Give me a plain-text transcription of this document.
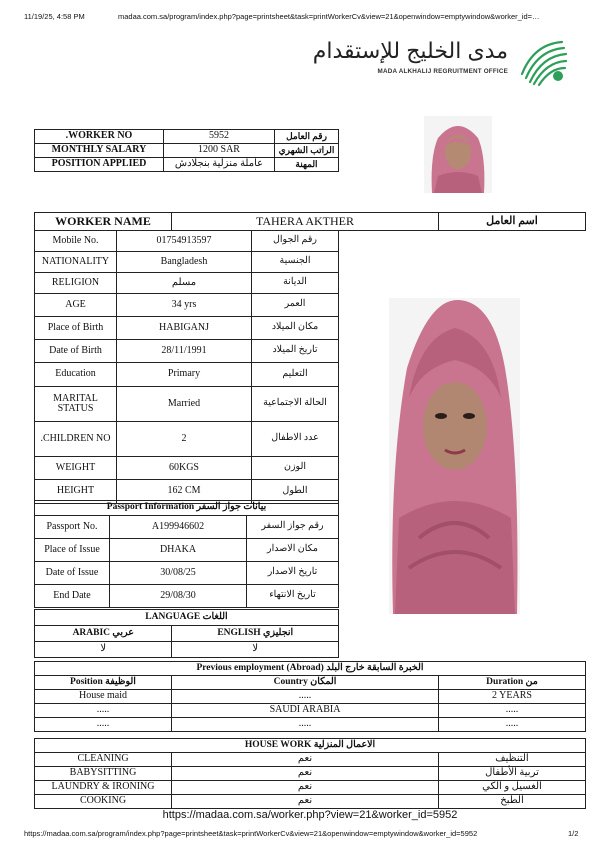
11/19/25, 4:58 PM	madaa.com.sa/program/index.php?page=printsheet&task=printWorkerCv&view=21&openwindow=emptywindow&worker_id=…
مدى الخليج للإستقدام
MADA ALKHALIJ REGRUITMENT OFFICE
.WORKER NO	5952	رقم العامل
MONTHLY SALARY	1200 SAR	الراتب الشهري
POSITION APPLIED	عاملة منزلية بنجلادش	المهنة
WORKER NAME	TAHERA AKTHER	اسم العامل
Mobile No.	01754913597	رقم الجوال
NATIONALITY	Bangladesh	الجنسية
RELIGION	مسلم	الديانة
AGE	34 yrs	العمر
Place of Birth	HABIGANJ	مكان الميلاد
Date of Birth	28/11/1991	تاريخ الميلاد
Education	Primary	التعليم
MARITAL STATUS	Married	الحالة الاجتماعية
.CHILDREN NO	2	عدد الاطفال
WEIGHT	60KGS	الوزن
HEIGHT	162 CM	الطول
بيانات جواز السفر Passport Information		
Passport No.	A199946602	رقم جواز السفر
Place of Issue	DHAKA	مكان الاصدار
Date of Issue	30/08/25	تاريخ الاصدار
End Date	29/08/30	تاريخ الانتهاء
LANGUAGE اللغات	
ARABIC عربي	ENGLISH انجليزي
لا	لا
الخبرة السابقة خارج البلد Previous employment (Abroad)		
Position الوظيفة	Country المكان	Duration من
House maid	.....	2 YEARS
.....	SAUDI ARABIA	.....
.....	.....	.....
HOUSE WORK الاعمال المنزلية		
CLEANING	نعم	التنظيف
BABYSITTING	نعم	تربية الأطفال
LAUNDRY & IRONING	نعم	الغسيل و الكي
COOKING	نعم	الطبخ
https://madaa.com.sa/worker.php?view=21&worker_id=5952
https://madaa.com.sa/program/index.php?page=printsheet&task=printWorkerCv&view=21&openwindow=emptywindow&worker_id=5952	1/2
